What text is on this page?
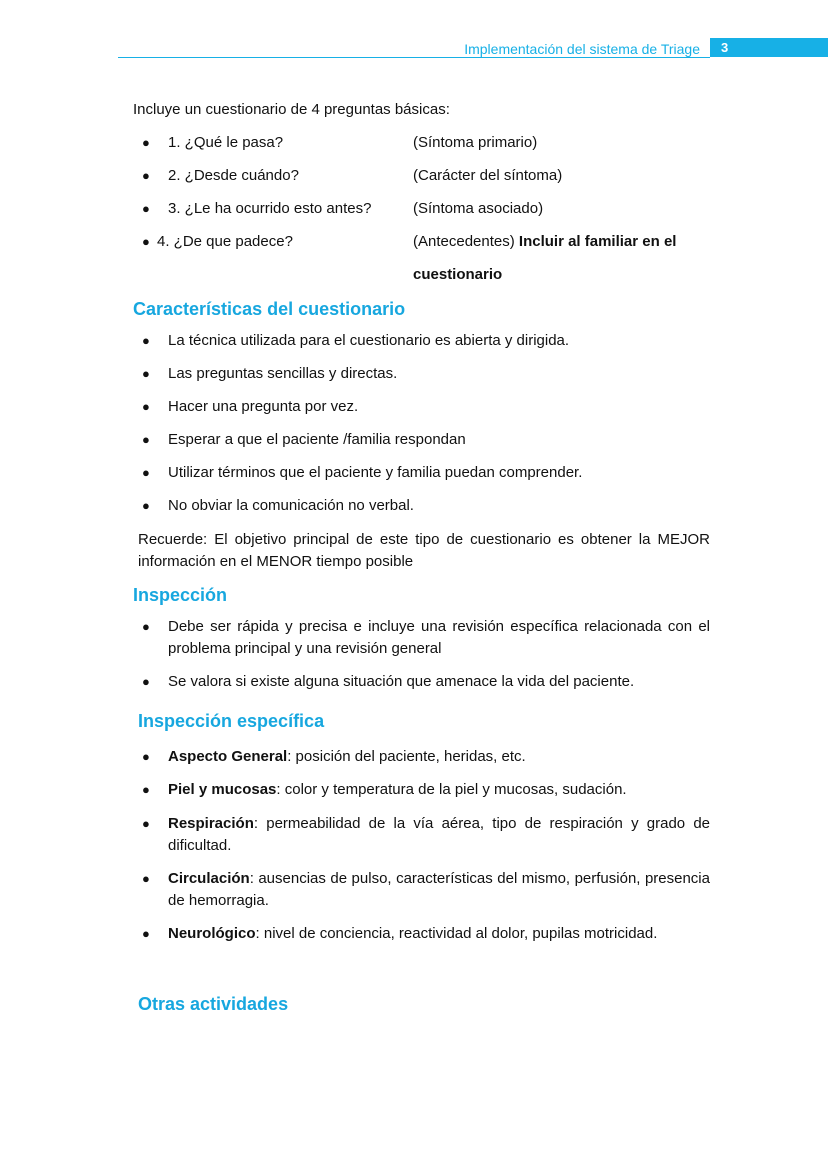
Implementación del sistema de Triage	3
Incluye un cuestionario de 4 preguntas básicas:
● 1. ¿Qué le pasa?	(Síntoma primario)
● 2. ¿Desde cuándo?	(Carácter del síntoma)
● 3. ¿Le ha ocurrido esto antes?	(Síntoma asociado)
● 4. ¿De que padece?	(Antecedentes) Incluir al familiar en el
cuestionario
Características del cuestionario
● La técnica utilizada para el cuestionario es abierta y dirigida.
● Las preguntas sencillas y directas.
● Hacer una pregunta por vez.
● Esperar a que el paciente /familia respondan
● Utilizar términos que el paciente y familia puedan comprender.
● No obviar la comunicación no verbal.
Recuerde: El objetivo principal de este tipo de cuestionario es obtener la MEJOR
información en el MENOR tiempo posible
Inspección
● Debe ser rápida y precisa e incluye una revisión específica relacionada con el
problema principal y una revisión general
● Se valora si existe alguna situación que amenace la vida del paciente.
Inspección específica
● Aspecto General: posición del paciente, heridas, etc.
● Piel y mucosas: color y temperatura de la piel y mucosas, sudación.
● Respiración: permeabilidad de la vía aérea, tipo de respiración y grado de
dificultad.
● Circulación: ausencias de pulso, características del mismo, perfusión, presencia
de hemorragia.
● Neurológico: nivel de conciencia, reactividad al dolor, pupilas motricidad.
Otras actividades
